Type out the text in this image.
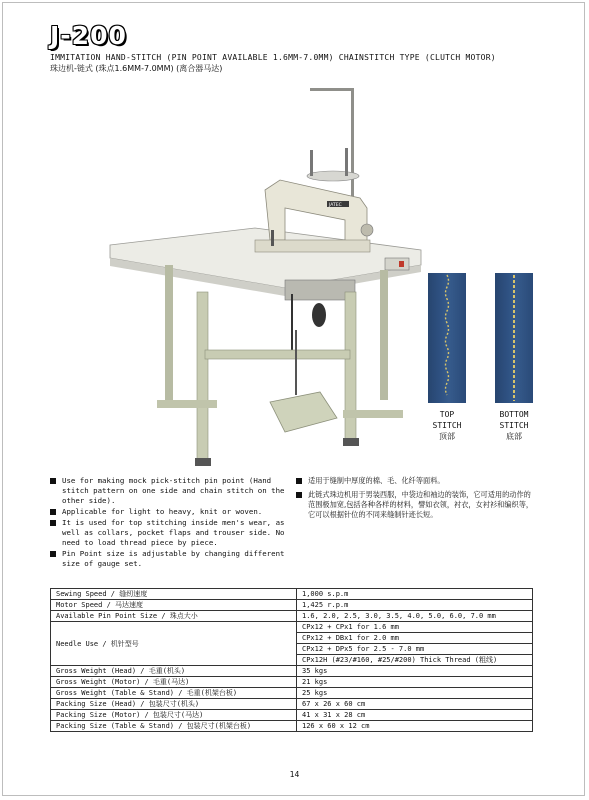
J-200
IMMITATION HAND-STITCH (PIN POINT AVAILABLE 1.6MM-7.0MM) CHAINSTITCH TYPE (CLUTCH MOTOR)
珠边机-链式 (珠点1.6MM-7.0MM) (离合器马达)
JATEC
TOP
STITCH
顶部
BOTTOM
STITCH
底部
Use for making mock pick-stitch pin point (Hand stitch pattern on one side and chain stitch on the other side).
Applicable for light to heavy, knit or woven.
It is used for top stitching inside men's wear, as well as collars, pocket flaps and trouser side. No need to load thread piece by piece.
Pin Point size is adjustable by changing different size of gauge set.
适用于缝制中厚度的棉、毛、化纤等面料。
此链式珠边机用于男装西服，中袋边和袖边的装饰，它可适用的动作的范围极加宽,包括各种各样的材料，譬如衣领，衬衣，女衬衫和编织等，它可以根据针位的不同来缝制针迹长短。
Sewing Speed / 缝纫速度	1,000 s.p.m
Motor Speed / 马达速度	1,425 r.p.m
Available Pin Point Size / 珠点大小	1.6, 2.0, 2.5, 3.0, 3.5, 4.0, 5.0, 6.0, 7.0 mm
Needle Use / 机针型号	CPx12 + CPx1 for 1.6 mm
	CPx12 + DBx1 for 2.0 mm
	CPx12 + DPx5 for 2.5 - 7.0 mm
	CPx12H (#23/#160, #25/#200) Thick Thread (粗线)
Gross Weight (Head) / 毛重(机头)	35 kgs
Gross Weight (Motor) / 毛重(马达)	21 kgs
Gross Weight (Table & Stand) / 毛重(机架台板)	25 kgs
Packing Size (Head) / 包装尺寸(机头)	67 x 26 x 60 cm
Packing Size (Motor) / 包装尺寸(马达)	41 x 31 x 28 cm
Packing Size (Table & Stand) / 包装尺寸(机架台板)	126 x 60 x 12 cm
14
